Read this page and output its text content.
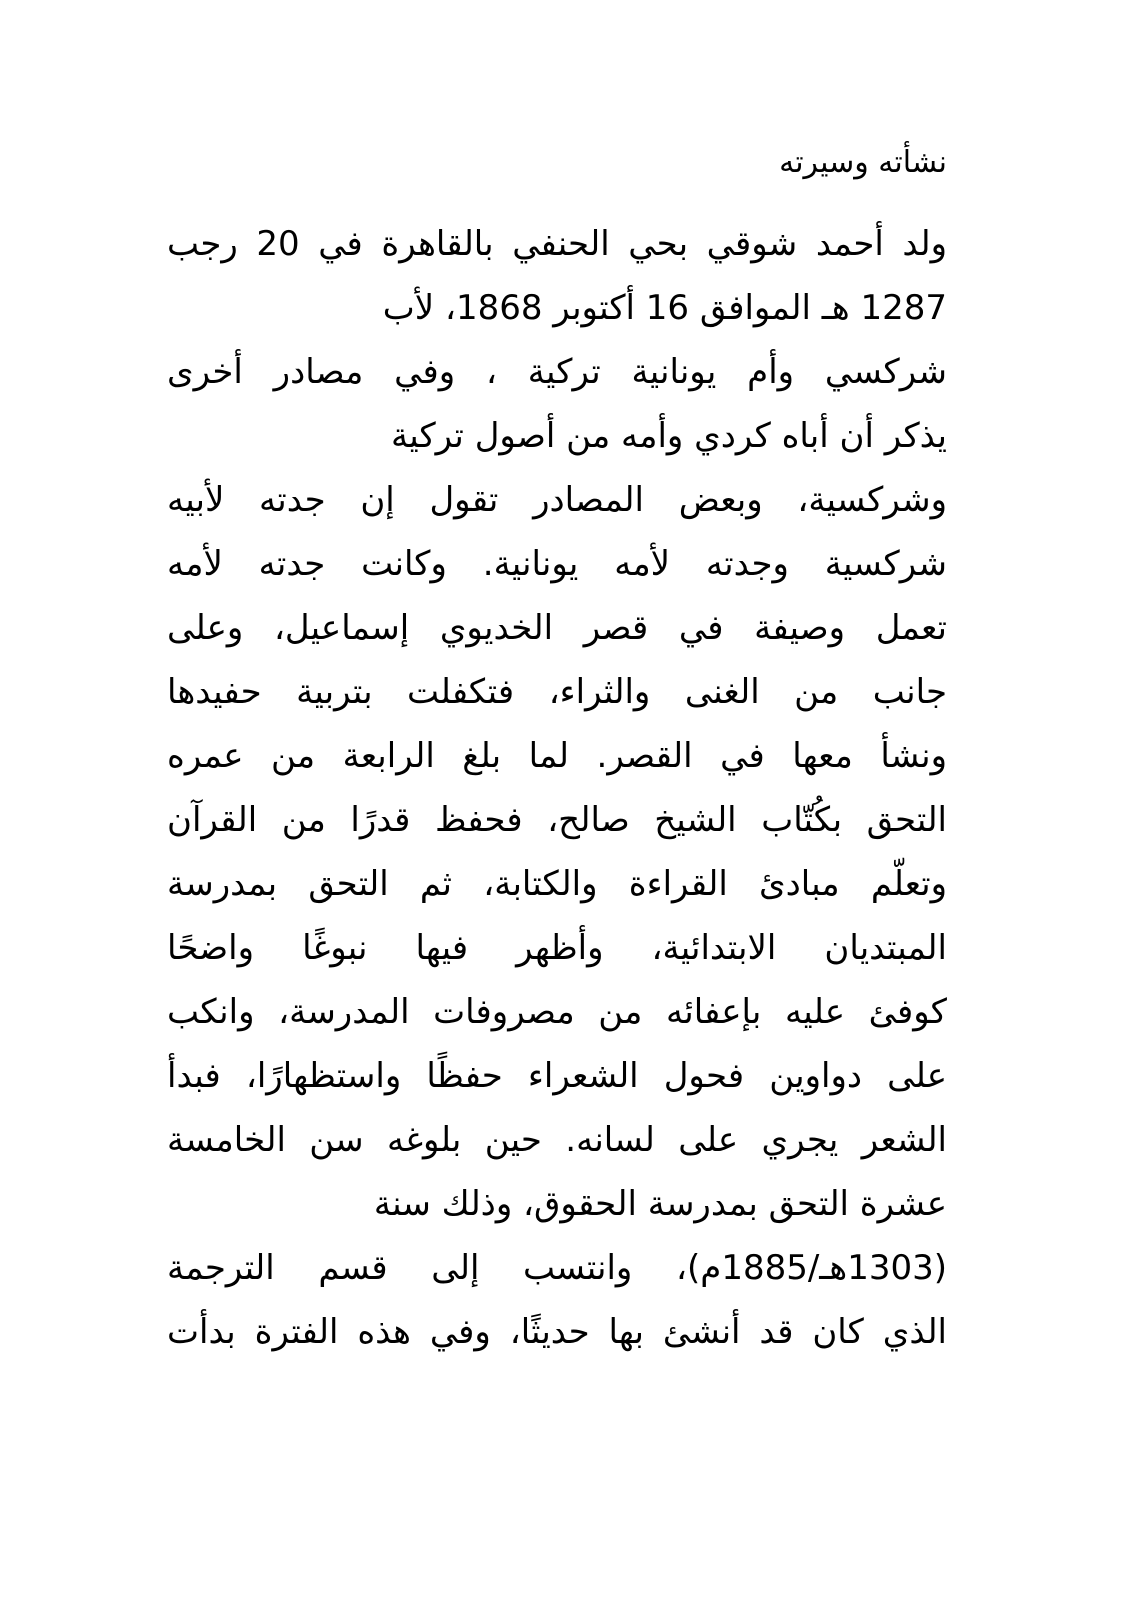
نشأته وسيرته
ولد أحمد شوقي بحي الحنفي بالقاهرة في 20 رجب
1287 هـ الموافق 16 أكتوبر 1868، لأب
شركسي وأم يونانية تركية ، وفي مصادر أخرى
يذكر أن أباه كردي وأمه من أصول تركية
وشركسية، وبعض المصادر تقول إن جدته لأبيه
شركسية وجدته لأمه يونانية. وكانت جدته لأمه
تعمل وصيفة في قصر الخديوي إسماعيل، وعلى
جانب من الغنى والثراء، فتكفلت بتربية حفيدها
ونشأ معها في القصر. لما بلغ الرابعة من عمره
التحق بكُتّاب الشيخ صالح، فحفظ قدرًا من القرآن
وتعلّم مبادئ القراءة والكتابة، ثم التحق بمدرسة
المبتديان الابتدائية، وأظهر فيها نبوغًا واضحًا
كوفئ عليه بإعفائه من مصروفات المدرسة، وانكب
على دواوين فحول الشعراء حفظًا واستظهارًا، فبدأ
الشعر يجري على لسانه. حين بلوغه سن الخامسة
عشرة التحق بمدرسة الحقوق، وذلك سنة
(1303هـ/1885م)، وانتسب إلى قسم الترجمة
الذي كان قد أنشئ بها حديثًا، وفي هذه الفترة بدأت
